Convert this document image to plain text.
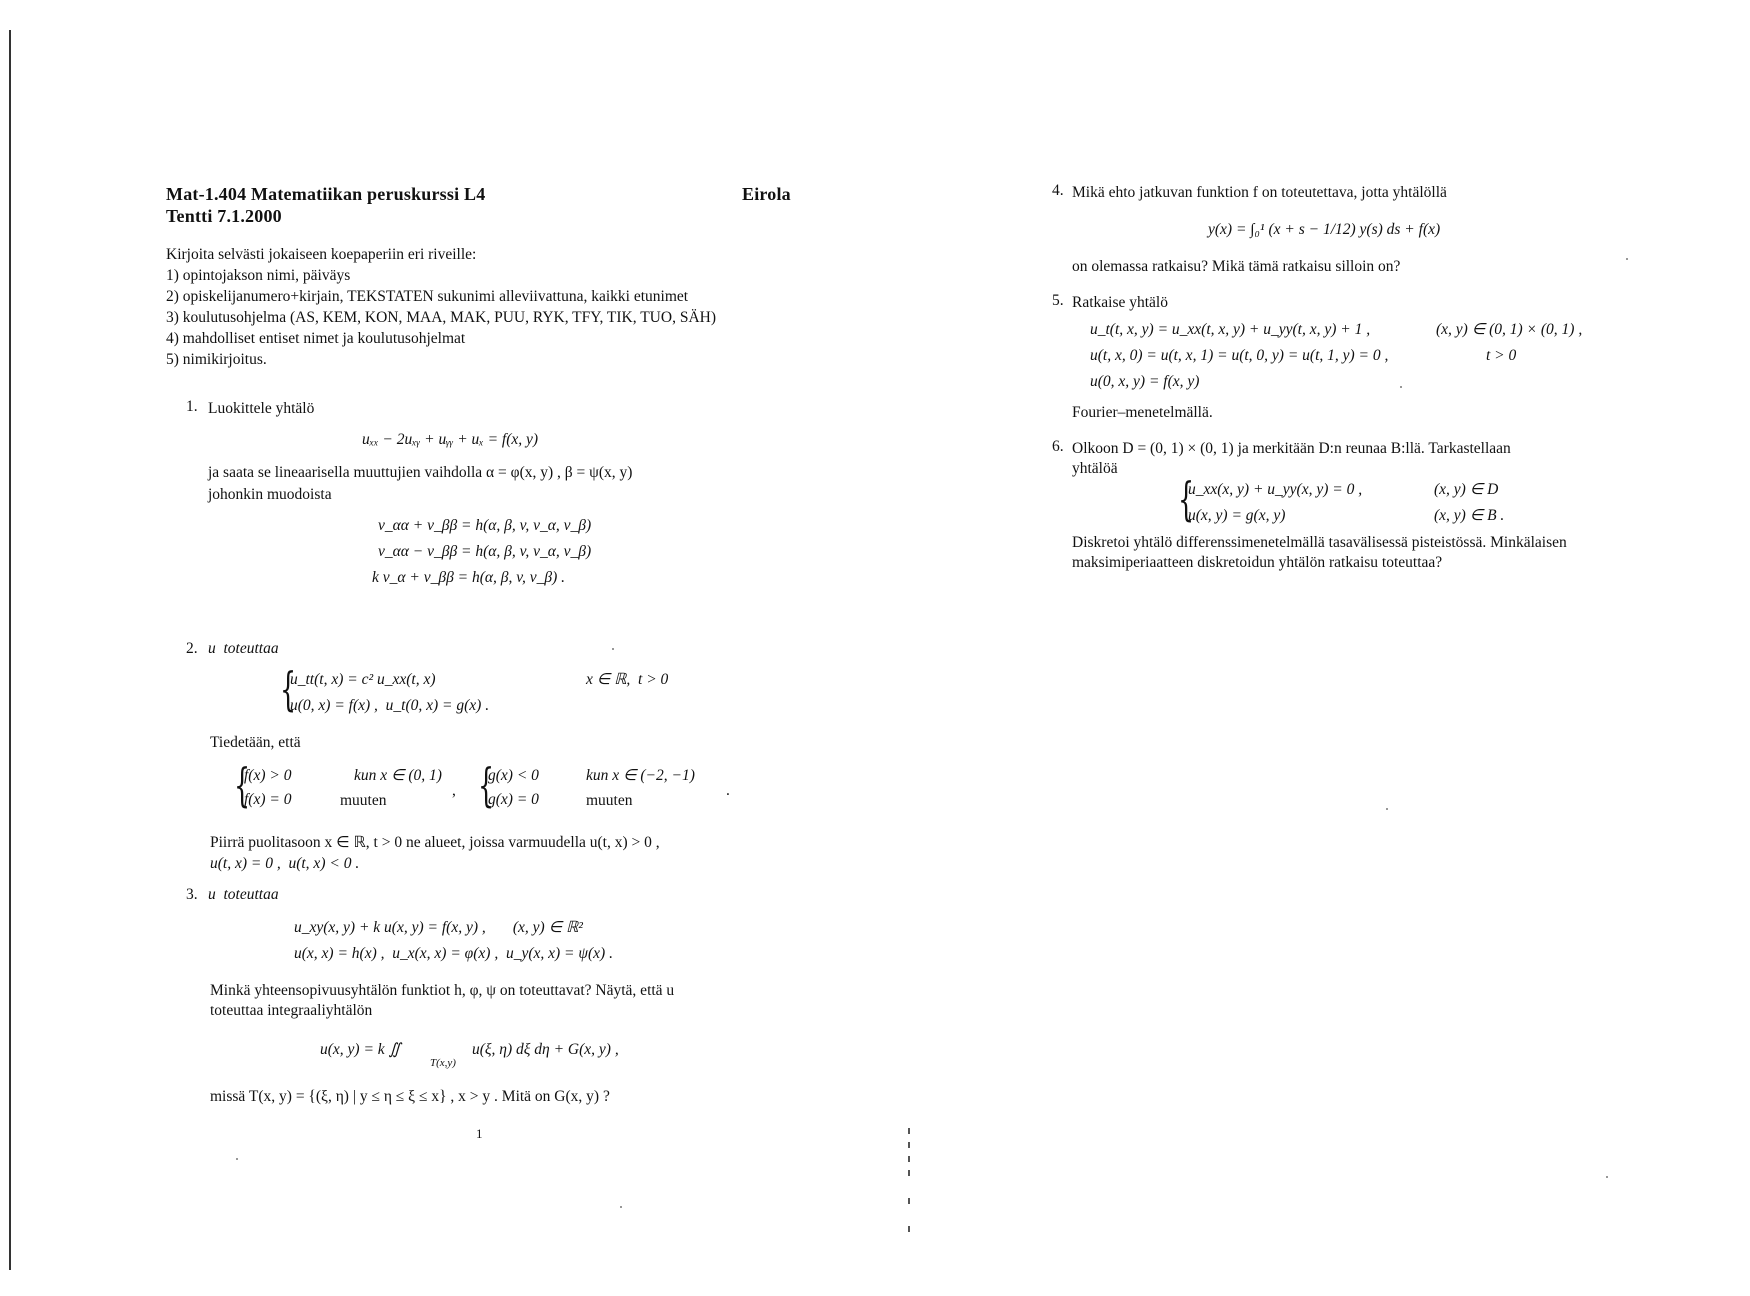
Mat-1.404 Matematiikan peruskurssi L4
Tentti 7.1.2000
Eirola
Kirjoita selvästi jokaiseen koepaperiin eri riveille:
1) opintojakson nimi, päiväys
2) opiskelijanumero+kirjain, TEKSTATEN sukunimi alleviivattuna, kaikki etunimet
3) koulutusohjelma (AS, KEM, KON, MAA, MAK, PUU, RYK, TFY, TIK, TUO, SÄH)
4) mahdolliset entiset nimet ja koulutusohjelmat
5) nimikirjoitus.
1. Luokittele yhtälö
uₓₓ − 2uₓᵧ + uᵧᵧ + uₓ = f(x, y)
ja saata se lineaarisella muuttujien vaihdolla α = φ(x, y) , β = ψ(x, y)
johonkin muodoista
v_αα + v_ββ = h(α, β, v, v_α, v_β)
v_αα − v_ββ = h(α, β, v, v_α, v_β)
k v_α + v_ββ = h(α, β, v, v_β) .
2. u  toteuttaa
{
u_tt(t, x) = c² u_xx(t, x)	x ∈ ℝ,  t > 0
u(0, x) = f(x) ,  u_t(0, x) = g(x) .
Tiedetään, että
{
f(x) > 0	kun x ∈ (0, 1)
f(x) = 0	muuten
, {
g(x) < 0	kun x ∈ (−2, −1)
g(x) = 0	muuten
.
Piirrä puolitasoon x ∈ ℝ, t > 0 ne alueet, joissa varmuudella u(t, x) > 0 ,
u(t, x) = 0 ,  u(t, x) < 0 .
3. u  toteuttaa
u_xy(x, y) + k u(x, y) = f(x, y) ,       (x, y) ∈ ℝ²
u(x, x) = h(x) ,  u_x(x, x) = φ(x) ,  u_y(x, x) = ψ(x) .
Minkä yhteensopivuusyhtälön funktiot h, φ, ψ on toteuttavat? Näytä, että u
toteuttaa integraaliyhtälön
u(x, y) = k ∬
T(x,y)
u(ξ, η) dξ dη + G(x, y) ,
missä T(x, y) = {(ξ, η) | y ≤ η ≤ ξ ≤ x} , x > y . Mitä on G(x, y) ?
1
4. Mikä ehto jatkuvan funktion f on toteutettava, jotta yhtälöllä
y(x) = ∫₀¹ (x + s − 1/12) y(s) ds + f(x)
on olemassa ratkaisu? Mikä tämä ratkaisu silloin on?
5. Ratkaise yhtälö
u_t(t, x, y) = u_xx(t, x, y) + u_yy(t, x, y) + 1 ,	(x, y) ∈ (0, 1) × (0, 1) ,
u(t, x, 0) = u(t, x, 1) = u(t, 0, y) = u(t, 1, y) = 0 ,	t > 0
u(0, x, y) = f(x, y)
Fourier–menetelmällä.
6. Olkoon D = (0, 1) × (0, 1) ja merkitään D:n reunaa B:llä. Tarkastellaan
yhtälöä
{
u_xx(x, y) + u_yy(x, y) = 0 ,	(x, y) ∈ D
u(x, y) = g(x, y)	(x, y) ∈ B .
Diskretoi yhtälö differenssimenetelmällä tasavälisessä pisteistössä. Minkälaisen
maksimiperiaatteen diskretoidun yhtälön ratkaisu toteuttaa?
